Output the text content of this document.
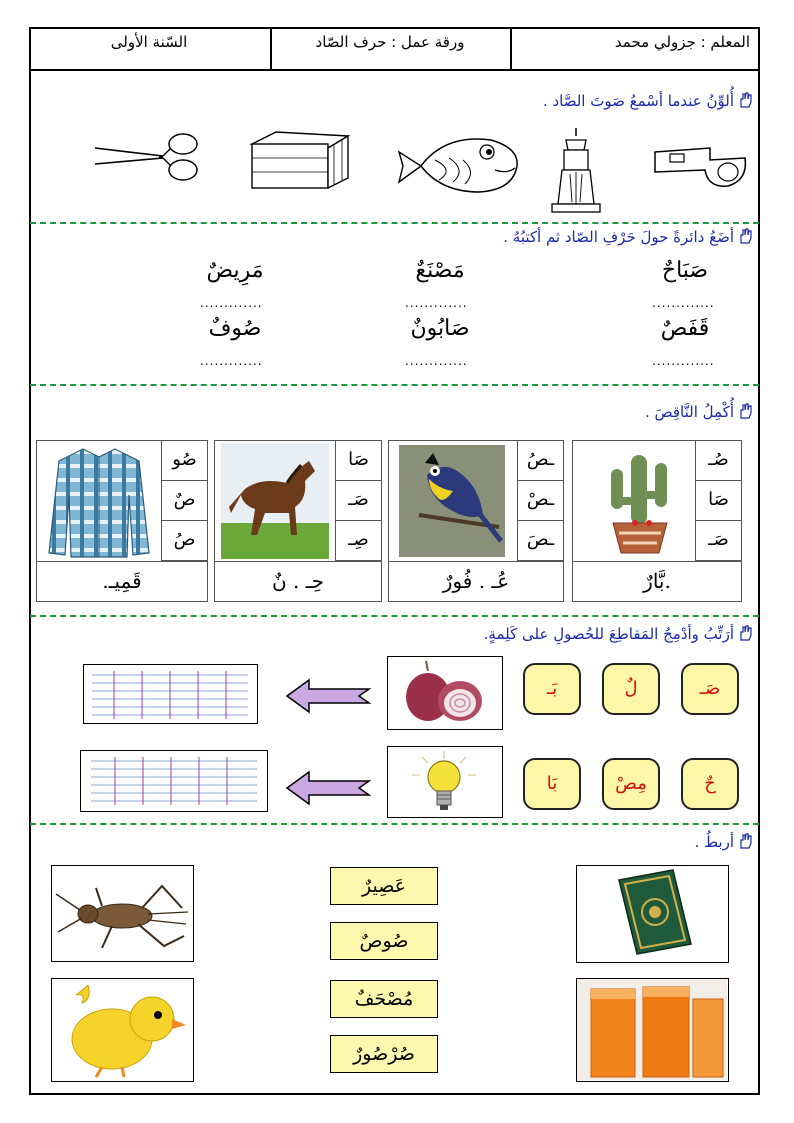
المعلم : جزولي محمد
ورقة عمل : حرف الصّاد
السّنة الأولى
أُلوِّنُ عندما أسْمعُ صَوتَ الصَّاد .
أضَعُ دائرةً حولَ حَرْفِ الصّاد ثم أكتبُهُ .
صَبَاحٌ
مَصْنَعٌ
مَرِيضٌ
.............
.............
.............
قَفَصٌ
صَابُونٌ
صُوفٌ
.............
.............
.............
أُكْمِلُ النَّاقِصَ .
صُـ
صَا
صَـ
.بَّارٌ
ـصُ
ـصْ
ـصَ
عُـ . فُورٌ
صَا
صَـ
صِـ
حِـ . نٌ
صُو
صٌ
صُ
قَمِيـ.
أرَتِّبُ وأدْمِجُ المَقاطِعَ للحُصولِ على كَلِمةٍ.
صَـ
لٌ
بَـ
حٌ
مِصْ
بَا
أربطُ .
عَصِيرٌ
صُوصٌ
مُصْحَفٌ
صُرْصُورٌ
